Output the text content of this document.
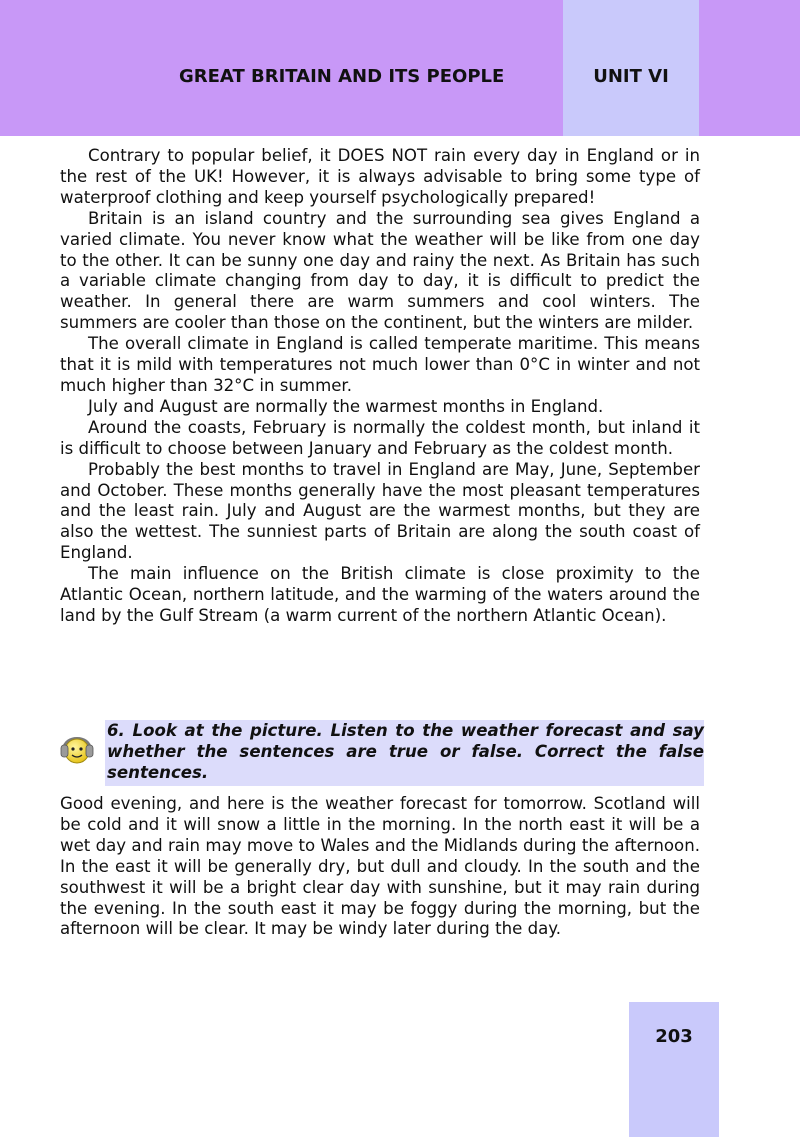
GREAT BRITAIN AND ITS PEOPLE	UNIT VI

Contrary to popular belief, it DOES NOT rain every day in England or in the rest of the UK! However, it is always advisable to bring some type of waterproof clothing and keep yourself psychologically prepared!

Britain is an island country and the surrounding sea gives England a varied climate. You never know what the weather will be like from one day to the other. It can be sunny one day and rainy the next. As Britain has such a variable climate changing from day to day, it is difficult to predict the weather. In general there are warm summers and cool winters. The summers are cooler than those on the continent, but the winters are milder.

The overall climate in England is called temperate maritime. This means that it is mild with temperatures not much lower than 0°C in winter and not much higher than 32°C in summer.

July and August are normally the warmest months in England.

Around the coasts, February is normally the coldest month, but inland it is difficult to choose between January and February as the coldest month.

Probably the best months to travel in England are May, June, September and October. These months generally have the most pleasant temperatures and the least rain. July and August are the warmest months, but they are also the wettest. The sunniest parts of Britain are along the south coast of England.

The main influence on the British climate is close proximity to the Atlantic Ocean, northern latitude, and the warming of the waters around the land by the Gulf Stream (a warm current of the northern Atlantic Ocean).

6. Look at the picture. Listen to the weather forecast and say whether the sentences are true or false. Correct the false sentences.

Good evening, and here is the weather forecast for tomorrow. Scotland will be cold and it will snow a little in the morning. In the north east it will be a wet day and rain may move to Wales and the Midlands during the afternoon. In the east it will be generally dry, but dull and cloudy. In the south and the southwest it will be a bright clear day with sunshine, but it may rain during the evening. In the south east it may be foggy during the morning, but the afternoon will be clear. It may be windy later during the day.

203
